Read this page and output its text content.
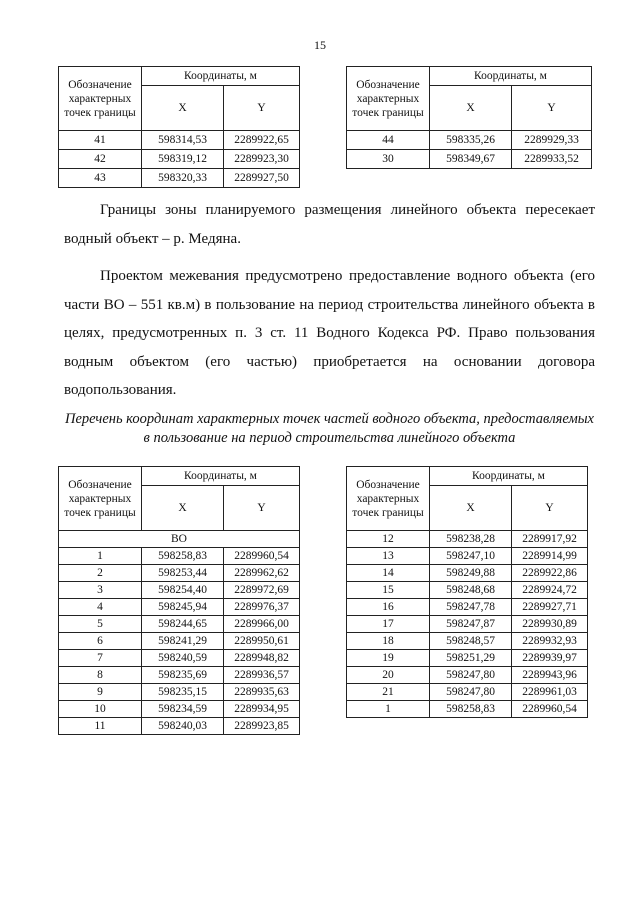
15
Обозначение характерных точек границы	Координаты, м	
	X	Y
41	598314,53	2289922,65
42	598319,12	2289923,30
43	598320,33	2289927,50
Обозначение характерных точек границы	Координаты, м	
	X	Y
44	598335,26	2289929,33
30	598349,67	2289933,52

Границы зоны планируемого размещения линейного объекта пересекает водный объект – р. Медяна.

Проектом межевания предусмотрено предоставление водного объекта (его части ВО – 551 кв.м) в пользование на период строительства линейного объекта в целях, предусмотренных п. 3 ст. 11 Водного Кодекса РФ. Право пользования водным объектом (его частью) приобретается на основании договора водопользования.

Перечень координат характерных точек частей водного объекта, предоставляемых в пользование на период строительства линейного объекта
Обозначение характерных точек границы	Координаты, м	
	X	Y
ВО		
1	598258,83	2289960,54
2	598253,44	2289962,62
3	598254,40	2289972,69
4	598245,94	2289976,37
5	598244,65	2289966,00
6	598241,29	2289950,61
7	598240,59	2289948,82
8	598235,69	2289936,57
9	598235,15	2289935,63
10	598234,59	2289934,95
11	598240,03	2289923,85
Обозначение характерных точек границы	Координаты, м	
	X	Y
12	598238,28	2289917,92
13	598247,10	2289914,99
14	598249,88	2289922,86
15	598248,68	2289924,72
16	598247,78	2289927,71
17	598247,87	2289930,89
18	598248,57	2289932,93
19	598251,29	2289939,97
20	598247,80	2289943,96
21	598247,80	2289961,03
1	598258,83	2289960,54
